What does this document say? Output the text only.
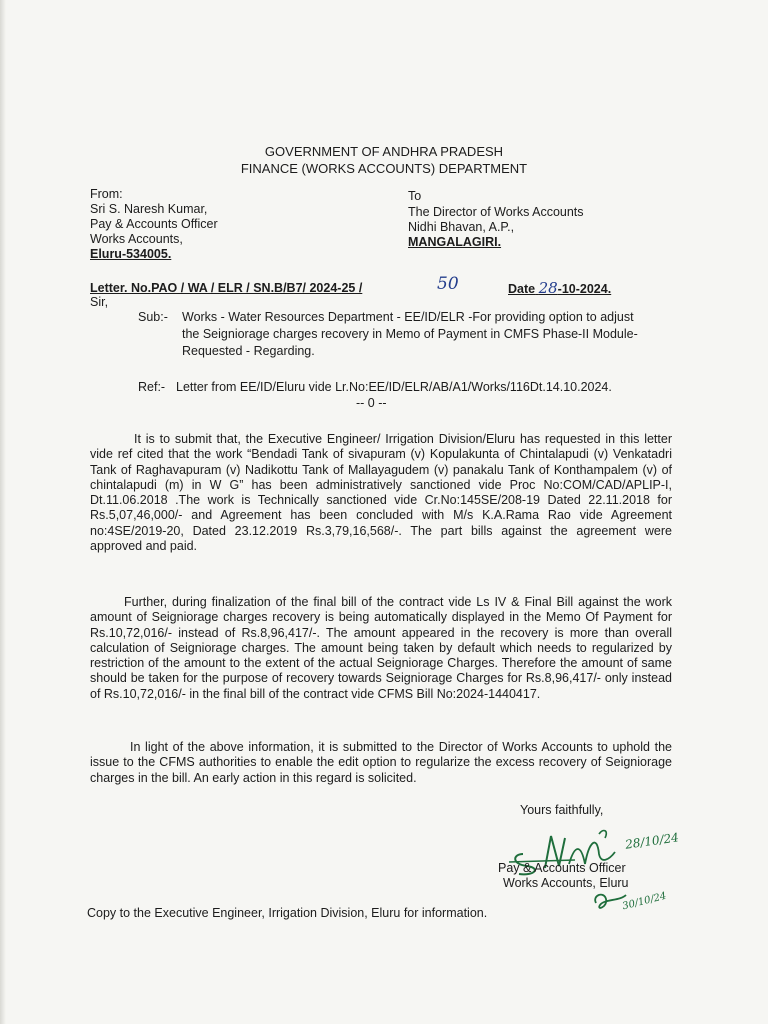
GOVERNMENT OF ANDHRA PRADESH
FINANCE (WORKS ACCOUNTS) DEPARTMENT
From:
Sri S. Naresh Kumar,
Pay & Accounts Officer
Works Accounts,
Eluru-534005.
To
The Director of Works Accounts
Nidhi Bhavan, A.P.,
MANGALAGIRI.
Letter. No.PAO / WA / ELR / SN.B/B7/ 2024-25 /	50	Date 28-10-2024.
Sir,
Sub:- Works - Water Resources Department - EE/ID/ELR -For providing option to adjust
the Seigniorage charges recovery in Memo of Payment in CMFS Phase-II Module-
Requested - Regarding.
Ref:- Letter from EE/ID/Eluru vide Lr.No:EE/ID/ELR/AB/A1/Works/116Dt.14.10.2024.
-- 0 --
It is to submit that, the Executive Engineer/ Irrigation Division/Eluru has requested in this letter vide ref cited that the work “Bendadi Tank of sivapuram (v) Kopulakunta of Chintalapudi (v) Venkatadri Tank of Raghavapuram (v) Nadikottu Tank of Mallayagudem (v) panakalu Tank of Konthampalem (v) of chintalapudi (m) in W G” has been administratively sanctioned vide Proc No:COM/CAD/APLIP-I, Dt.11.06.2018 .The work is Technically sanctioned vide Cr.No:145SE/208-19 Dated 22.11.2018 for Rs.5,07,46,000/- and Agreement has been concluded with M/s K.A.Rama Rao vide Agreement no:4SE/2019-20, Dated 23.12.2019 Rs.3,79,16,568/-. The part bills against the agreement were approved and paid.
Further, during finalization of the final bill of the contract vide Ls IV & Final Bill against the work amount of Seigniorage charges recovery is being automatically displayed in the Memo Of Payment for Rs.10,72,016/- instead of Rs.8,96,417/-. The amount appeared in the recovery is more than overall calculation of Seigniorage charges. The amount being taken by default which needs to regularized by restriction of the amount to the extent of the actual Seigniorage Charges. Therefore the amount of same should be taken for the purpose of recovery towards Seigniorage Charges for Rs.8,96,417/- only instead of Rs.10,72,016/- in the final bill of the contract vide CFMS Bill No:2024-1440417.
In light of the above information, it is submitted to the Director of Works Accounts to uphold the issue to the CFMS authorities to enable the edit option to regularize the excess recovery of Seigniorage charges in the bill. An early action in this regard is solicited.
Yours faithfully,
28/10/24
Pay & Accounts Officer
Works Accounts, Eluru
30/10/24
Copy to the Executive Engineer, Irrigation Division, Eluru for information.
